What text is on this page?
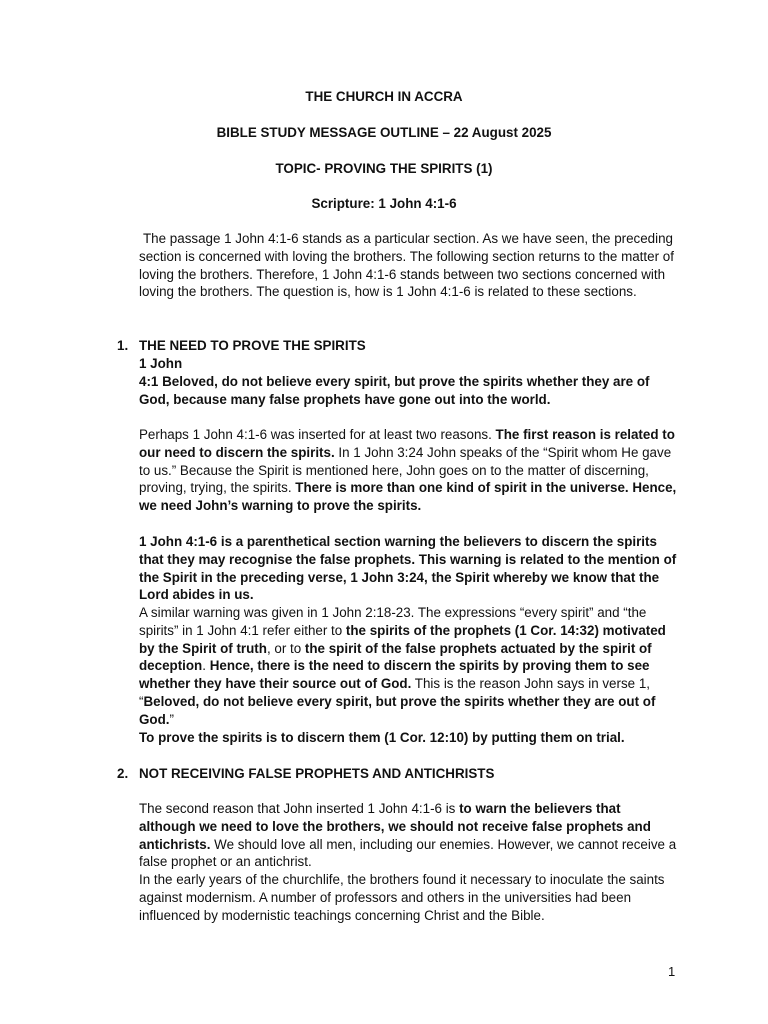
THE CHURCH IN ACCRA
BIBLE STUDY MESSAGE OUTLINE – 22 August 2025
TOPIC- PROVING THE SPIRITS (1)
Scripture: 1 John 4:1-6

The passage 1 John 4:1-6 stands as a particular section. As we have seen, the preceding section is concerned with loving the brothers. The following section returns to the matter of loving the brothers. Therefore, 1 John 4:1-6 stands between two sections concerned with loving the brothers. The question is, how is 1 John 4:1-6 is related to these sections.

1. THE NEED TO PROVE THE SPIRITS
1 John

4:1 Beloved, do not believe every spirit, but prove the spirits whether they are of God, because many false prophets have gone out into the world.

Perhaps 1 John 4:1-6 was inserted for at least two reasons. The first reason is related to our need to discern the spirits. In 1 John 3:24 John speaks of the “Spirit whom He gave to us.” Because the Spirit is mentioned here, John goes on to the matter of discerning, proving, trying, the spirits. There is more than one kind of spirit in the universe. Hence, we need John’s warning to prove the spirits.

1 John 4:1-6 is a parenthetical section warning the believers to discern the spirits that they may recognise the false prophets. This warning is related to the mention of the Spirit in the preceding verse, 1 John 3:24, the Spirit whereby we know that the Lord abides in us.

A similar warning was given in 1 John 2:18-23. The expressions “every spirit” and “the spirits” in 1 John 4:1 refer either to the spirits of the prophets (1 Cor. 14:32) motivated by the Spirit of truth, or to the spirit of the false prophets actuated by the spirit of deception. Hence, there is the need to discern the spirits by proving them to see whether they have their source out of God. This is the reason John says in verse 1, “Beloved, do not believe every spirit, but prove the spirits whether they are out of God.”

To prove the spirits is to discern them (1 Cor. 12:10) by putting them on trial.

2. NOT RECEIVING FALSE PROPHETS AND ANTICHRISTS

The second reason that John inserted 1 John 4:1-6 is to warn the believers that although we need to love the brothers, we should not receive false prophets and antichrists. We should love all men, including our enemies. However, we cannot receive a false prophet or an antichrist.

In the early years of the churchlife, the brothers found it necessary to inoculate the saints against modernism. A number of professors and others in the universities had been influenced by modernistic teachings concerning Christ and the Bible.

1
